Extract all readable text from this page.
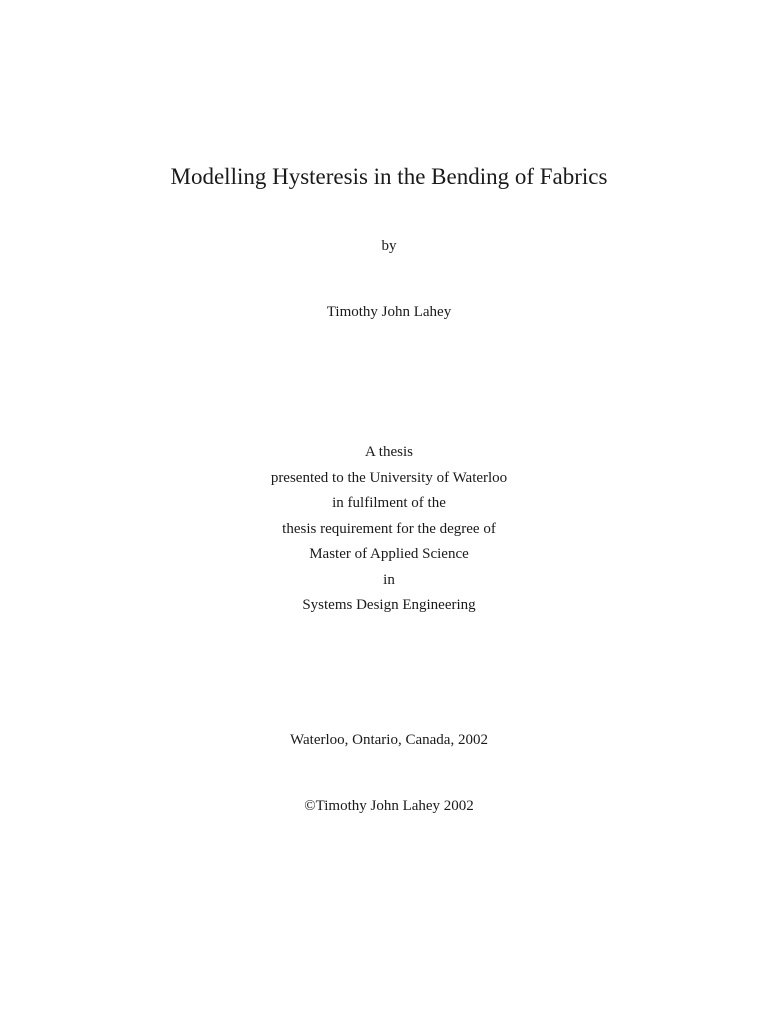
Modelling Hysteresis in the Bending of Fabrics
by
Timothy John Lahey
A thesis
presented to the University of Waterloo
in fulfilment of the
thesis requirement for the degree of
Master of Applied Science
in
Systems Design Engineering
Waterloo, Ontario, Canada, 2002
©Timothy John Lahey 2002
